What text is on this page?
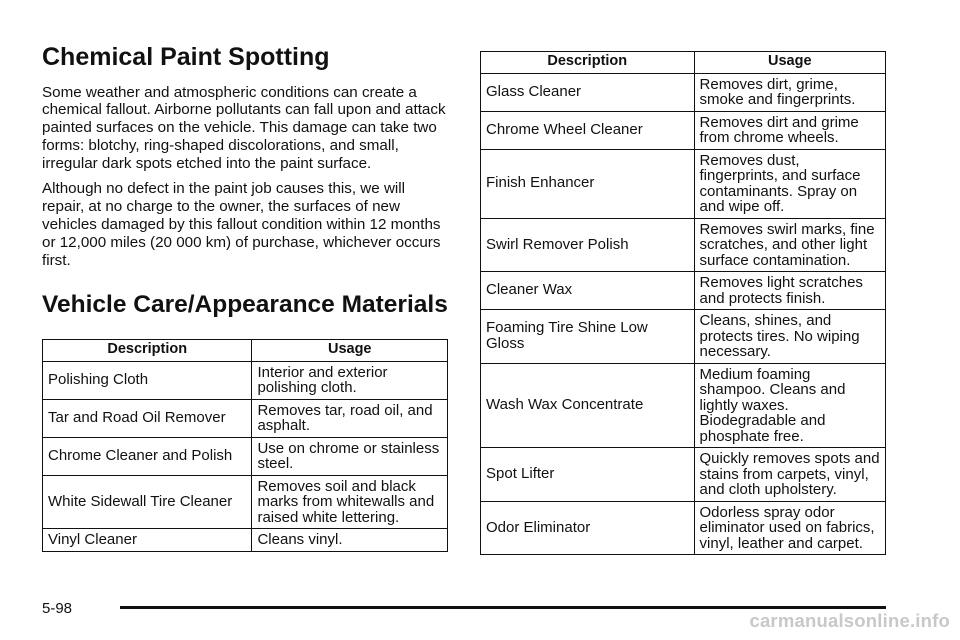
Chemical Paint Spotting

Some weather and atmospheric conditions can create a chemical fallout. Airborne pollutants can fall upon and attack painted surfaces on the vehicle. This damage can take two forms: blotchy, ring-shaped discolorations, and small, irregular dark spots etched into the paint surface.

Although no defect in the paint job causes this, we will repair, at no charge to the owner, the surfaces of new vehicles damaged by this fallout condition within 12 months or 12,000 miles (20 000 km) of purchase, whichever occurs first.

Vehicle Care/Appearance Materials
Description	Usage
Polishing Cloth	Interior and exterior polishing cloth.
Tar and Road Oil Remover	Removes tar, road oil, and asphalt.
Chrome Cleaner and Polish	Use on chrome or stainless steel.
White Sidewall Tire Cleaner	Removes soil and black marks from whitewalls and raised white lettering.
Vinyl Cleaner	Cleans vinyl.
Description	Usage
Glass Cleaner	Removes dirt, grime, smoke and fingerprints.
Chrome Wheel Cleaner	Removes dirt and grime from chrome wheels.
Finish Enhancer	Removes dust, fingerprints, and surface contaminants. Spray on and wipe off.
Swirl Remover Polish	Removes swirl marks, fine scratches, and other light surface contamination.
Cleaner Wax	Removes light scratches and protects finish.
Foaming Tire Shine Low Gloss	Cleans, shines, and protects tires. No wiping necessary.
Wash Wax Concentrate	Medium foaming shampoo. Cleans and lightly waxes. Biodegradable and phosphate free.
Spot Lifter	Quickly removes spots and stains from carpets, vinyl, and cloth upholstery.
Odor Eliminator	Odorless spray odor eliminator used on fabrics, vinyl, leather and carpet.
5-98
carmanualsonline.info
